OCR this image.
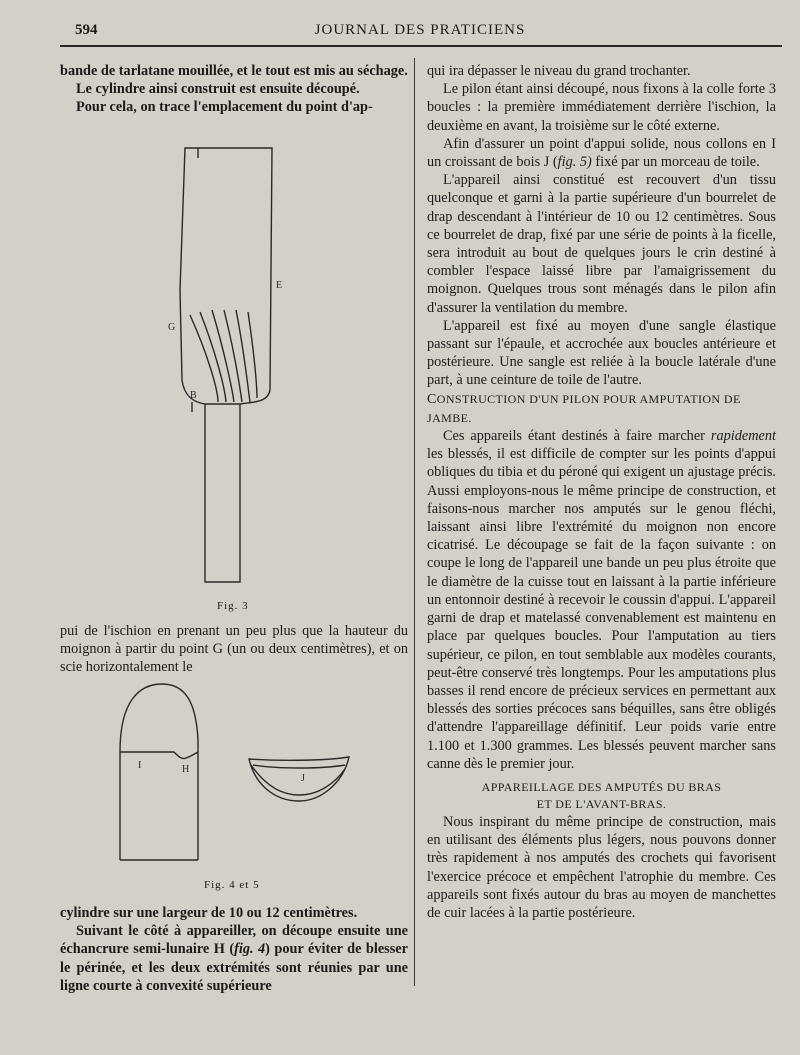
594	JOURNAL DES PRATICIENS

bande de tarlatane mouillée, et le tout est mis au séchage.

Le cylindre ainsi construit est ensuite découpé.

Pour cela, on trace l'emplacement du point d'ap-

E
G
B
Fig. 3

pui de l'ischion en prenant un peu plus que la hauteur du moignon à partir du point G (un ou deux centimètres), et on scie horizontalement le

I	H
J
Fig. 4 et 5

cylindre sur une largeur de 10 ou 12 centimètres.

Suivant le côté à appareiller, on découpe ensuite une échancrure semi-lunaire H (fig. 4) pour éviter de blesser le périnée, et les deux extrémités sont réunies par une ligne courte à convexité supérieure

qui ira dépasser le niveau du grand trochanter.

Le pilon étant ainsi découpé, nous fixons à la colle forte 3 boucles : la première immédiatement derrière l'ischion, la deuxième en avant, la troisième sur le côté externe.

Afin d'assurer un point d'appui solide, nous collons en I un croissant de bois J (fig. 5) fixé par un morceau de toile.

L'appareil ainsi constitué est recouvert d'un tissu quelconque et garni à la partie supérieure d'un bourrelet de drap descendant à l'intérieur de 10 ou 12 centimètres. Sous ce bourrelet de drap, fixé par une série de points à la ficelle, sera introduit au bout de quelques jours le crin destiné à combler l'espace laissé libre par l'amaigrissement du moignon. Quelques trous sont ménagés dans le pilon afin d'assurer la ventilation du membre.

L'appareil est fixé au moyen d'une sangle élastique passant sur l'épaule, et accrochée aux boucles antérieure et postérieure. Une sangle est reliée à la boucle latérale d'une part, à une ceinture de toile de l'autre.

CONSTRUCTION D'UN PILON POUR AMPUTATION DE JAMBE.

Ces appareils étant destinés à faire marcher rapidement les blessés, il est difficile de compter sur les points d'appui obliques du tibia et du péroné qui exigent un ajustage précis. Aussi employons-nous le même principe de construction, et faisons-nous marcher nos amputés sur le genou fléchi, laissant ainsi libre l'extrémité du moignon non encore cicatrisé. Le découpage se fait de la façon suivante : on coupe le long de l'appareil une bande un peu plus étroite que le diamètre de la cuisse tout en laissant à la partie inférieure un entonnoir destiné à recevoir le coussin d'appui. L'appareil garni de drap et matelassé convenablement est maintenu en place par quelques boucles. Pour l'amputation au tiers supérieur, ce pilon, en tout semblable aux modèles courants, peut-être conservé très longtemps. Pour les amputations plus basses il rend encore de précieux services en permettant aux blessés des sorties précoces sans béquilles, sans être obligés d'attendre l'appareillage définitif. Leur poids varie entre 1.100 et 1.300 grammes. Les blessés peuvent marcher sans canne dès le premier jour.

APPAREILLAGE DES AMPUTÉS DU BRAS
ET DE L'AVANT-BRAS.

Nous inspirant du même principe de construction, mais en utilisant des éléments plus légers, nous pouvons donner très rapidement à nos amputés des crochets qui favorisent l'exercice précoce et empêchent l'atrophie du membre. Ces appareils sont fixés autour du bras au moyen de manchettes de cuir lacées à la partie postérieure.
